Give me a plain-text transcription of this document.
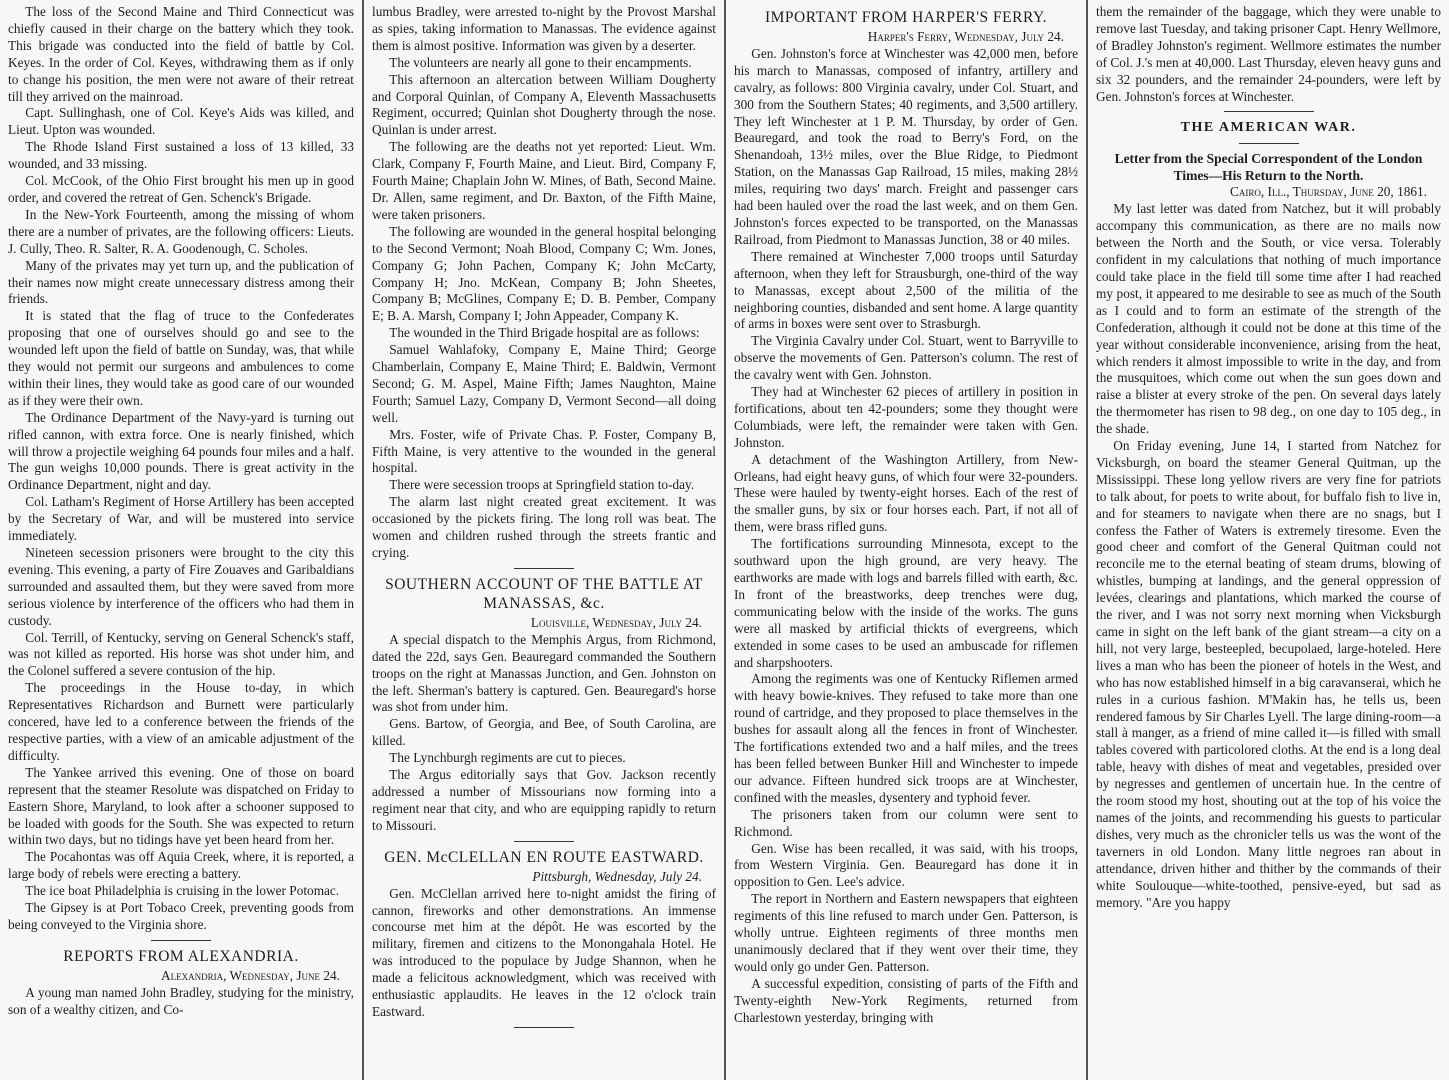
The loss of the Second Maine and Third Connecticut was chiefly caused in their charge on the battery which they took. This brigade was conducted into the field of battle by Col. Keyes. In the order of Col. Keyes, withdrawing them as if only to change his position, the men were not aware of their retreat till they arrived on the mainroad.

Capt. Sullinghash, one of Col. Keye's Aids was killed, and Lieut. Upton was wounded.

The Rhode Island First sustained a loss of 13 killed, 33 wounded, and 33 missing.

Col. McCook, of the Ohio First brought his men up in good order, and covered the retreat of Gen. Schenck's Brigade.

In the New-York Fourteenth, among the missing of whom there are a number of privates, are the following officers: Lieuts. J. Cully, Theo. R. Salter, R. A. Goodenough, C. Scholes.

Many of the privates may yet turn up, and the publication of their names now might create unnecessary distress among their friends.

It is stated that the flag of truce to the Confederates proposing that one of ourselves should go and see to the wounded left upon the field of battle on Sunday, was, that while they would not permit our surgeons and ambulences to come within their lines, they would take as good care of our wounded as if they were their own.

The Ordinance Department of the Navy-yard is turning out rifled cannon, with extra force. One is nearly finished, which will throw a projectile weighing 64 pounds four miles and a half. The gun weighs 10,000 pounds. There is great activity in the Ordinance Department, night and day.

Col. Latham's Regiment of Horse Artillery has been accepted by the Secretary of War, and will be mustered into service immediately.

Nineteen secession prisoners were brought to the city this evening. This evening, a party of Fire Zouaves and Garibaldians surrounded and assaulted them, but they were saved from more serious violence by interference of the officers who had them in custody.

Col. Terrill, of Kentucky, serving on General Schenck's staff, was not killed as reported. His horse was shot under him, and the Colonel suffered a severe contusion of the hip.

The proceedings in the House to-day, in which Representatives Richardson and Burnett were particularly concered, have led to a conference between the friends of the respective parties, with a view of an amicable adjustment of the difficulty.

The Yankee arrived this evening. One of those on board represent that the steamer Resolute was dispatched on Friday to Eastern Shore, Maryland, to look after a schooner supposed to be loaded with goods for the South. She was expected to return within two days, but no tidings have yet been heard from her.

The Pocahontas was off Aquia Creek, where, it is reported, a large body of rebels were erecting a battery.

The ice boat Philadelphia is cruising in the lower Potomac.

The Gipsey is at Port Tobaco Creek, preventing goods from being conveyed to the Virginia shore.

REPORTS FROM ALEXANDRIA.

Alexandria, Wednesday, June 24.

A young man named John Bradley, studying for the ministry, son of a wealthy citizen, and Co-

lumbus Bradley, were arrested to-night by the Provost Marshal as spies, taking information to Manassas. The evidence against them is almost positive. Information was given by a deserter.

The volunteers are nearly all gone to their encampments.

This afternoon an altercation between William Dougherty and Corporal Quinlan, of Company A, Eleventh Massachusetts Regiment, occurred; Quinlan shot Dougherty through the nose. Quinlan is under arrest.

The following are the deaths not yet reported: Lieut. Wm. Clark, Company F, Fourth Maine, and Lieut. Bird, Company F, Fourth Maine; Chaplain John W. Mines, of Bath, Second Maine. Dr. Allen, same regiment, and Dr. Baxton, of the Fifth Maine, were taken prisoners.

The following are wounded in the general hospital belonging to the Second Vermont; Noah Blood, Company C; Wm. Jones, Company G; John Pachen, Company K; John McCarty, Company H; Jno. McKean, Company B; John Sheetes, Company B; McGlines, Company E; D. B. Pember, Company E; B. A. Marsh, Company I; John Appeader, Company K.

The wounded in the Third Brigade hospital are as follows:

Samuel Wahlafoky, Company E, Maine Third; George Chamberlain, Company E, Maine Third; E. Baldwin, Vermont Second; G. M. Aspel, Maine Fifth; James Naughton, Maine Fourth; Samuel Lazy, Company D, Vermont Second—all doing well.

Mrs. Foster, wife of Private Chas. P. Foster, Company B, Fifth Maine, is very attentive to the wounded in the general hospital.

There were secession troops at Springfield station to-day.

The alarm last night created great excitement. It was occasioned by the pickets firing. The long roll was beat. The women and children rushed through the streets frantic and crying.

SOUTHERN ACCOUNT OF THE BATTLE AT MANASSAS, &c.

Louisville, Wednesday, July 24.

A special dispatch to the Memphis Argus, from Richmond, dated the 22d, says Gen. Beauregard commanded the Southern troops on the right at Manassas Junction, and Gen. Johnston on the left. Sherman's battery is captured. Gen. Beauregard's horse was shot from under him.

Gens. Bartow, of Georgia, and Bee, of South Carolina, are killed.

The Lynchburgh regiments are cut to pieces.

The Argus editorially says that Gov. Jackson recently addressed a number of Missourians now forming into a regiment near that city, and who are equipping rapidly to return to Missouri.

GEN. McCLELLAN EN ROUTE EASTWARD.

Pittsburgh, Wednesday, July 24.

Gen. McClellan arrived here to-night amidst the firing of cannon, fireworks and other demonstrations. An immense concourse met him at the dépôt. He was escorted by the military, firemen and citizens to the Monongahala Hotel. He was introduced to the populace by Judge Shannon, when he made a felicitous acknowledgment, which was received with enthusiastic applaudits. He leaves in the 12 o'clock train Eastward.

IMPORTANT FROM HARPER'S FERRY.

Harper's Ferry, Wednesday, July 24.

Gen. Johnston's force at Winchester was 42,000 men, before his march to Manassas, composed of infantry, artillery and cavalry, as follows: 800 Virginia cavalry, under Col. Stuart, and 300 from the Southern States; 40 regiments, and 3,500 artillery. They left Winchester at 1 P. M. Thursday, by order of Gen. Beauregard, and took the road to Berry's Ford, on the Shenandoah, 13½ miles, over the Blue Ridge, to Piedmont Station, on the Manassas Gap Railroad, 15 miles, making 28½ miles, requiring two days' march. Freight and passenger cars had been hauled over the road the last week, and on them Gen. Johnston's forces expected to be transported, on the Manassas Railroad, from Piedmont to Manassas Junction, 38 or 40 miles.

There remained at Winchester 7,000 troops until Saturday afternoon, when they left for Strausburgh, one-third of the way to Manassas, except about 2,500 of the militia of the neighboring counties, disbanded and sent home. A large quantity of arms in boxes were sent over to Strasburgh.

The Virginia Cavalry under Col. Stuart, went to Barryville to observe the movements of Gen. Patterson's column. The rest of the cavalry went with Gen. Johnston.

They had at Winchester 62 pieces of artillery in position in fortifications, about ten 42-pounders; some they thought were Columbiads, were left, the remainder were taken with Gen. Johnston.

A detachment of the Washington Artillery, from New-Orleans, had eight heavy guns, of which four were 32-pounders. These were hauled by twenty-eight horses. Each of the rest of the smaller guns, by six or four horses each. Part, if not all of them, were brass rifled guns.

The fortifications surrounding Minnesota, except to the southward upon the high ground, are very heavy. The earthworks are made with logs and barrels filled with earth, &c. In front of the breastworks, deep trenches were dug, communicating below with the inside of the works. The guns were all masked by artificial thickts of evergreens, which extended in some cases to be used an ambuscade for riflemen and sharpshooters.

Among the regiments was one of Kentucky Riflemen armed with heavy bowie-knives. They refused to take more than one round of cartridge, and they proposed to place themselves in the bushes for assault along all the fences in front of Winchester. The fortifications extended two and a half miles, and the trees has been felled between Bunker Hill and Winchester to impede our advance. Fifteen hundred sick troops are at Winchester, confined with the measles, dysentery and typhoid fever.

The prisoners taken from our column were sent to Richmond.

Gen. Wise has been recalled, it was said, with his troops, from Western Virginia. Gen. Beauregard has done it in opposition to Gen. Lee's advice.

The report in Northern and Eastern newspapers that eighteen regiments of this line refused to march under Gen. Patterson, is wholly untrue. Eighteen regiments of three months men unanimously declared that if they went over their time, they would only go under Gen. Patterson.

A successful expedition, consisting of parts of the Fifth and Twenty-eighth New-York Regiments, returned from Charlestown yesterday, bringing with

them the remainder of the baggage, which they were unable to remove last Tuesday, and taking prisoner Capt. Henry Wellmore, of Bradley Johnston's regiment. Wellmore estimates the number of Col. J.'s men at 40,000. Last Thursday, eleven heavy guns and six 32 pounders, and the remainder 24-pounders, were left by Gen. Johnston's forces at Winchester.

THE AMERICAN WAR.
Letter from the Special Correspondent of the London Times—His Return to the North.

Cairo, Ill., Thursday, June 20, 1861.

My last letter was dated from Natchez, but it will probably accompany this communication, as there are no mails now between the North and the South, or vice versa. Tolerably confident in my calculations that nothing of much importance could take place in the field till some time after I had reached my post, it appeared to me desirable to see as much of the South as I could and to form an estimate of the strength of the Confederation, although it could not be done at this time of the year without considerable inconvenience, arising from the heat, which renders it almost impossible to write in the day, and from the musquitoes, which come out when the sun goes down and raise a blister at every stroke of the pen. On several days lately the thermometer has risen to 98 deg., on one day to 105 deg., in the shade.

On Friday evening, June 14, I started from Natchez for Vicksburgh, on board the steamer General Quitman, up the Mississippi. These long yellow rivers are very fine for patriots to talk about, for poets to write about, for buffalo fish to live in, and for steamers to navigate when there are no snags, but I confess the Father of Waters is extremely tiresome. Even the good cheer and comfort of the General Quitman could not reconcile me to the eternal beating of steam drums, blowing of whistles, bumping at landings, and the general oppression of levées, clearings and plantations, which marked the course of the river, and I was not sorry next morning when Vicksburgh came in sight on the left bank of the giant stream—a city on a hill, not very large, besteepled, becupolaed, large-hoteled. Here lives a man who has been the pioneer of hotels in the West, and who has now established himself in a big caravanserai, which he rules in a curious fashion. M'Makin has, he tells us, been rendered famous by Sir Charles Lyell. The large dining-room—a stall à manger, as a friend of mine called it—is filled with small tables covered with particolored cloths. At the end is a long deal table, heavy with dishes of meat and vegetables, presided over by negresses and gentlemen of uncertain hue. In the centre of the room stood my host, shouting out at the top of his voice the names of the joints, and recommending his guests to particular dishes, very much as the chronicler tells us was the wont of the taverners in old London. Many little negroes ran about in attendance, driven hither and thither by the commands of their white Soulouque—white-toothed, pensive-eyed, but sad as memory. "Are you happy
